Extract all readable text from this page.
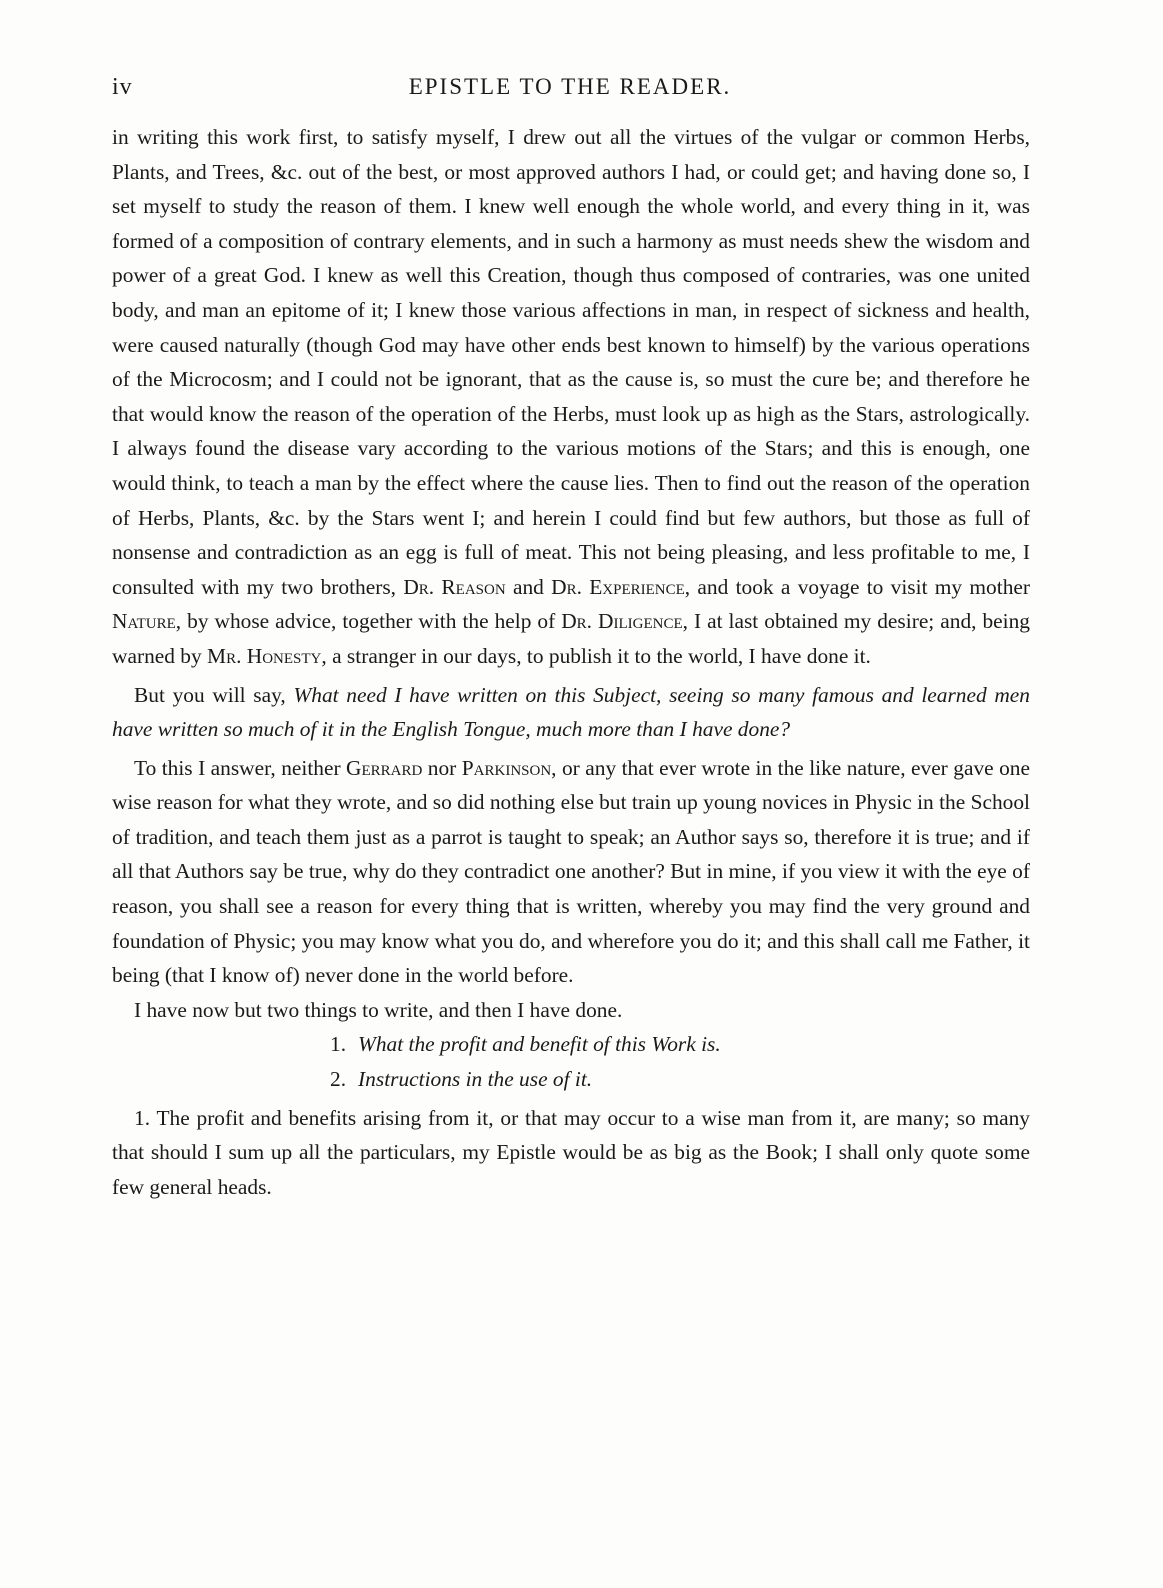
iv	EPISTLE TO THE READER.

in writing this work first, to satisfy myself, I drew out all the virtues of the vulgar or common Herbs, Plants, and Trees, &c. out of the best, or most approved authors I had, or could get; and having done so, I set myself to study the reason of them. I knew well enough the whole world, and every thing in it, was formed of a composition of contrary elements, and in such a harmony as must needs shew the wisdom and power of a great God. I knew as well this Creation, though thus composed of contraries, was one united body, and man an epitome of it; I knew those various affections in man, in respect of sickness and health, were caused naturally (though God may have other ends best known to himself) by the various operations of the Microcosm; and I could not be ignorant, that as the cause is, so must the cure be; and therefore he that would know the reason of the operation of the Herbs, must look up as high as the Stars, astrologically. I always found the disease vary according to the various motions of the Stars; and this is enough, one would think, to teach a man by the effect where the cause lies. Then to find out the reason of the operation of Herbs, Plants, &c. by the Stars went I; and herein I could find but few authors, but those as full of nonsense and contradiction as an egg is full of meat. This not being pleasing, and less profitable to me, I consulted with my two brothers, Dr. Reason and Dr. Experience, and took a voyage to visit my mother Nature, by whose advice, together with the help of Dr. Diligence, I at last obtained my desire; and, being warned by Mr. Honesty, a stranger in our days, to publish it to the world, I have done it.

But you will say, What need I have written on this Subject, seeing so many famous and learned men have written so much of it in the English Tongue, much more than I have done?

To this I answer, neither Gerrard nor Parkinson, or any that ever wrote in the like nature, ever gave one wise reason for what they wrote, and so did nothing else but train up young novices in Physic in the School of tradition, and teach them just as a parrot is taught to speak; an Author says so, therefore it is true; and if all that Authors say be true, why do they contradict one another? But in mine, if you view it with the eye of reason, you shall see a reason for every thing that is written, whereby you may find the very ground and foundation of Physic; you may know what you do, and wherefore you do it; and this shall call me Father, it being (that I know of) never done in the world before.

I have now but two things to write, and then I have done.

1. What the profit and benefit of this Work is.

2. Instructions in the use of it.

1. The profit and benefits arising from it, or that may occur to a wise man from it, are many; so many that should I sum up all the particulars, my Epistle would be as big as the Book; I shall only quote some few general heads.
